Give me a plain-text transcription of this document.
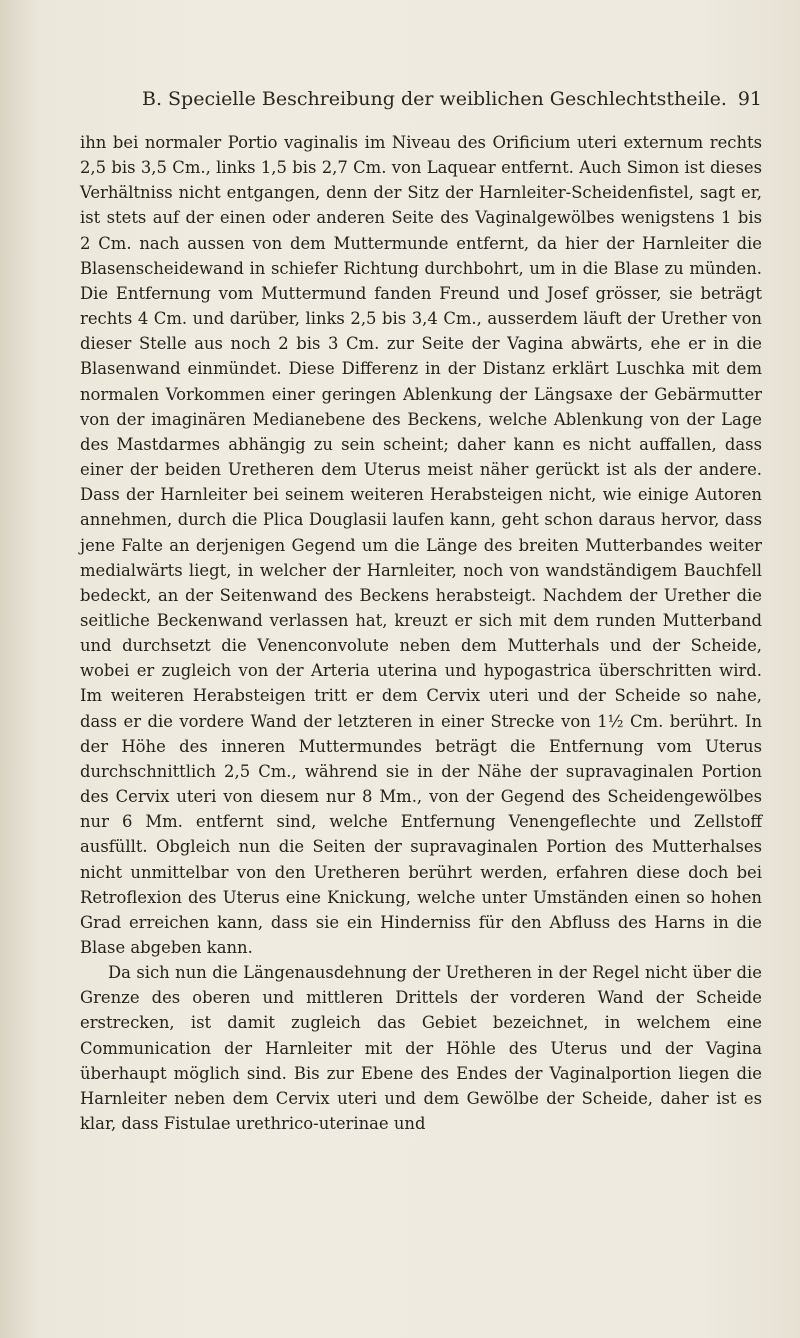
B. Specielle Beschreibung der weiblichen Geschlechtstheile. 91

ihn bei normaler Portio vaginalis im Niveau des Orificium uteri externum rechts 2,5 bis 3,5 Cm., links 1,5 bis 2,7 Cm. von Laquear entfernt. Auch Simon ist dieses Verhältniss nicht entgangen, denn der Sitz der Harnleiter-Scheidenfistel, sagt er, ist stets auf der einen oder anderen Seite des Vaginalgewölbes wenigstens 1 bis 2 Cm. nach aussen von dem Muttermunde entfernt, da hier der Harnleiter die Blasenscheidewand in schiefer Richtung durchbohrt, um in die Blase zu münden. Die Entfernung vom Muttermund fanden Freund und Josef grösser, sie beträgt rechts 4 Cm. und darüber, links 2,5 bis 3,4 Cm., ausserdem läuft der Urether von dieser Stelle aus noch 2 bis 3 Cm. zur Seite der Vagina abwärts, ehe er in die Blasenwand einmündet. Diese Differenz in der Distanz erklärt Luschka mit dem normalen Vorkommen einer geringen Ablenkung der Längsaxe der Gebärmutter von der imaginären Medianebene des Beckens, welche Ablenkung von der Lage des Mastdarmes abhängig zu sein scheint; daher kann es nicht auffallen, dass einer der beiden Uretheren dem Uterus meist näher gerückt ist als der andere. Dass der Harnleiter bei seinem weiteren Herabsteigen nicht, wie einige Autoren annehmen, durch die Plica Douglasii laufen kann, geht schon daraus hervor, dass jene Falte an derjenigen Gegend um die Länge des breiten Mutterbandes weiter medialwärts liegt, in welcher der Harnleiter, noch von wandständigem Bauchfell bedeckt, an der Seitenwand des Beckens herabsteigt. Nachdem der Urether die seitliche Beckenwand verlassen hat, kreuzt er sich mit dem runden Mutterband und durchsetzt die Venenconvolute neben dem Mutterhals und der Scheide, wobei er zugleich von der Arteria uterina und hypogastrica überschritten wird. Im weiteren Herabsteigen tritt er dem Cervix uteri und der Scheide so nahe, dass er die vordere Wand der letzteren in einer Strecke von 1½ Cm. berührt. In der Höhe des inneren Muttermundes beträgt die Entfernung vom Uterus durchschnittlich 2,5 Cm., während sie in der Nähe der supravaginalen Portion des Cervix uteri von diesem nur 8 Mm., von der Gegend des Scheidengewölbes nur 6 Mm. entfernt sind, welche Entfernung Venengeflechte und Zellstoff ausfüllt. Obgleich nun die Seiten der supravaginalen Portion des Mutterhalses nicht unmittelbar von den Uretheren berührt werden, erfahren diese doch bei Retroflexion des Uterus eine Knickung, welche unter Umständen einen so hohen Grad erreichen kann, dass sie ein Hinderniss für den Abfluss des Harns in die Blase abgeben kann.

Da sich nun die Längenausdehnung der Uretheren in der Regel nicht über die Grenze des oberen und mittleren Drittels der vorderen Wand der Scheide erstrecken, ist damit zugleich das Gebiet bezeichnet, in welchem eine Communication der Harnleiter mit der Höhle des Uterus und der Vagina überhaupt möglich sind. Bis zur Ebene des Endes der Vaginalportion liegen die Harnleiter neben dem Cervix uteri und dem Gewölbe der Scheide, daher ist es klar, dass Fistulae urethrico-uterinae und
